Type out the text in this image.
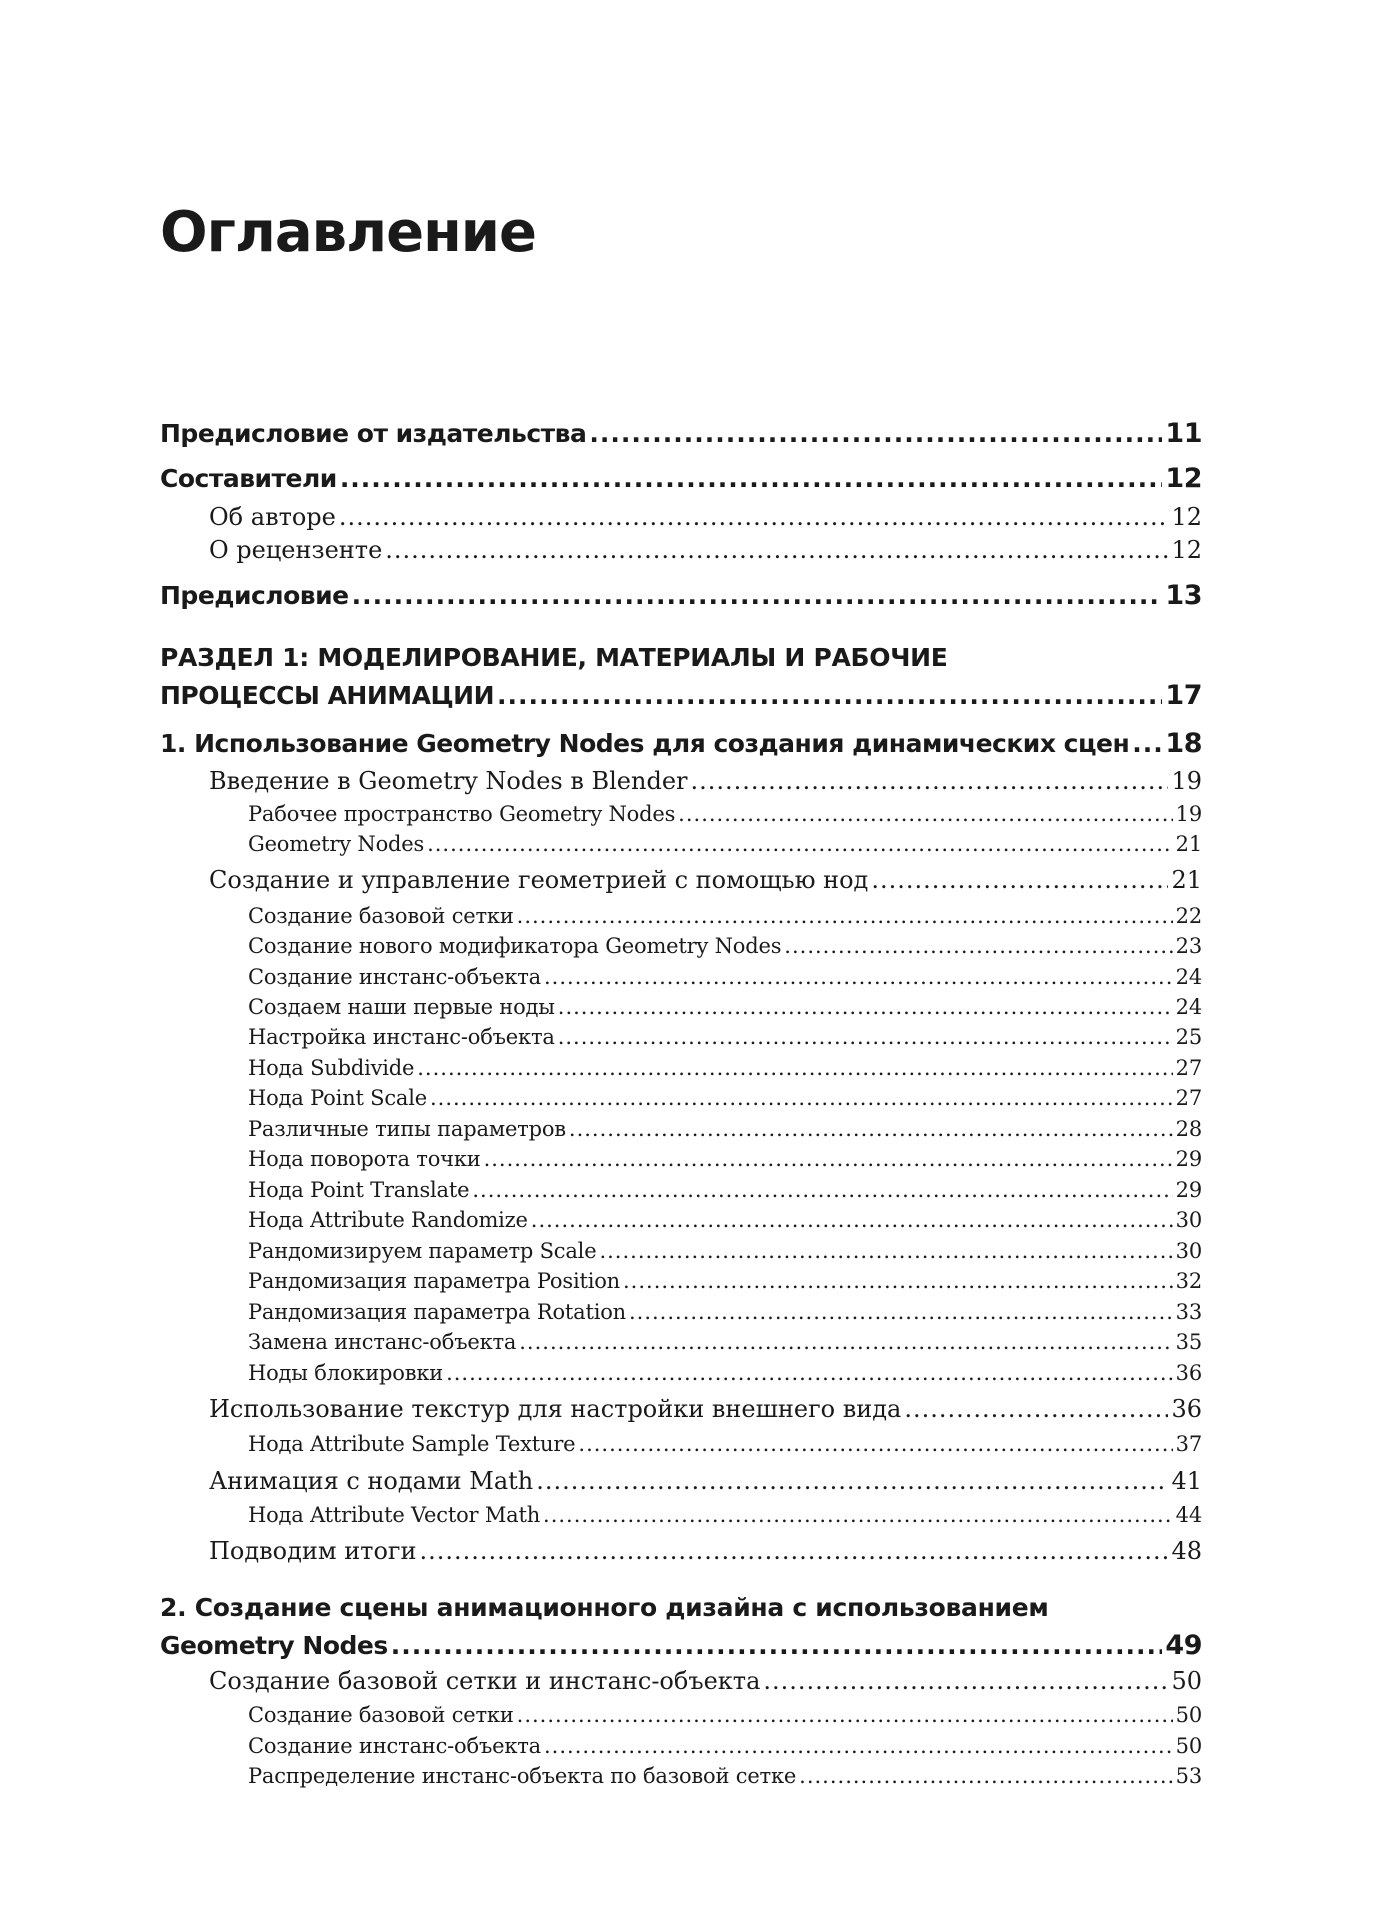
Оглавление
Предисловие от издательства .....	11
Составители .....	12
Об авторе .....	12
О рецензенте .....	12
Предисловие .....	13
РАЗДЕЛ 1: МОДЕЛИРОВАНИЕ, МАТЕРИАЛЫ И РАБОЧИЕ
ПРОЦЕССЫ АНИМАЦИИ .....	17
1. Использование Geometry Nodes для создания динамических сцен ..... 18
Введение в Geometry Nodes в Blender .....	19
Рабочее пространство Geometry Nodes .....	19
Geometry Nodes .....	21
Создание и управление геометрией с помощью нод .....	21
Создание базовой сетки .....	22
Создание нового модификатора Geometry Nodes .....	23
Создание инстанс-объекта .....	24
Создаем наши первые ноды .....	24
Настройка инстанс-объекта .....	25
Нода Subdivide .....	27
Нода Point Scale .....	27
Различные типы параметров .....	28
Нода поворота точки .....	29
Нода Point Translate .....	29
Нода Attribute Randomize .....	30
Рандомизируем параметр Scale .....	30
Рандомизация параметра Position .....	32
Рандомизация параметра Rotation .....	33
Замена инстанс-объекта .....	35
Ноды блокировки .....	36
Использование текстур для настройки внешнего вида .....	36
Нода Attribute Sample Texture .....	37
Анимация с нодами Math .....	41
Нода Attribute Vector Math .....	44
Подводим итоги .....	48
2. Создание сцены анимационного дизайна с использованием
Geometry Nodes .....	49
Создание базовой сетки и инстанс-объекта .....	50
Создание базовой сетки .....	50
Создание инстанс-объекта .....	50
Распределение инстанс-объекта по базовой сетке .....	53
